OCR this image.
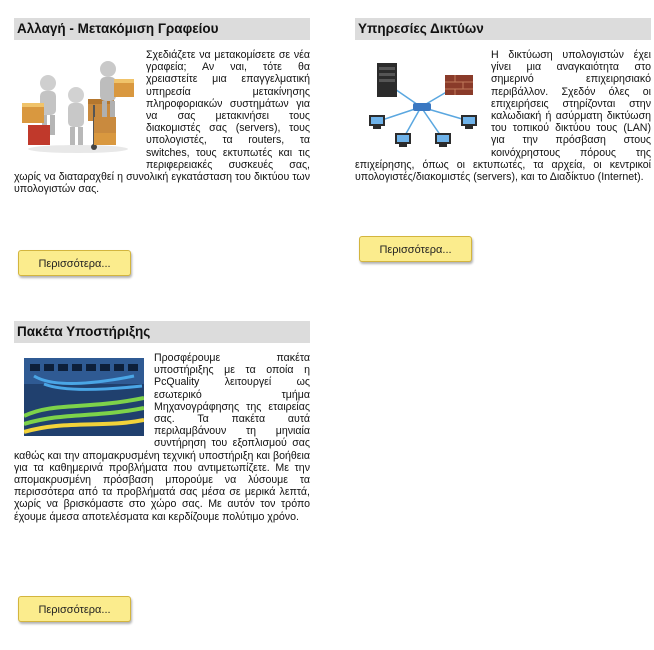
Αλλαγή - Μετακόμιση Γραφείου
Σχεδιάζετε να μετακομίσετε σε νέα γραφεία; Αν ναι, τότε θα χρειαστείτε μια επαγγελματική υπηρεσία μετακίνησης πληροφοριακών συστημάτων για να σας μετακινήσει τους διακομιστές σας (servers), τους υπολογιστές, τα routers, τα switches, τους εκτυπωτές και τις περιφερειακές συσκευές σας, χωρίς να διαταραχθεί η συνολική εγκατάσταση του δικτύου των υπολογιστών σας.
Περισσότερα...
Υπηρεσίες Δικτύων
Η δικτύωση υπολογιστών έχει γίνει μια αναγκαιότητα στο σημερινό επιχειρησιακό περιβάλλον. Σχεδόν όλες οι επιχειρήσεις στηρίζονται στην καλωδιακή ή ασύρματη δικτύωση του τοπικού δικτύου τους (LAN) για την πρόσβαση στους κοινόχρηστους πόρους της επιχείρησης, όπως οι εκτυπωτές, τα αρχεία, οι κεντρικοί υπολογιστές/διακομιστές (servers), και το Διαδίκτυο (Internet).
Περισσότερα...
Πακέτα Υποστήριξης
Προσφέρουμε πακέτα υποστήριξης με τα οποία η PcQuality λειτουργεί ως εσωτερικό τμήμα Μηχανογράφησης της εταιρείας σας. Τα πακέτα αυτά περιλαμβάνουν τη μηνιαία συντήρηση του εξοπλισμού σας καθώς και την απομακρυσμένη τεχνική υποστήριξη και βοήθεια για τα καθημερινά προβλήματα που αντιμετωπίζετε. Με την απομακρυσμένη πρόσβαση μπορούμε να λύσουμε τα περισσότερα από τα προβλήματά σας μέσα σε μερικά λεπτά, χωρίς να βρισκόμαστε στο χώρο σας. Με αυτόν τον τρόπο έχουμε άμεσα αποτελέσματα και κερδίζουμε πολύτιμο χρόνο.
Περισσότερα...
